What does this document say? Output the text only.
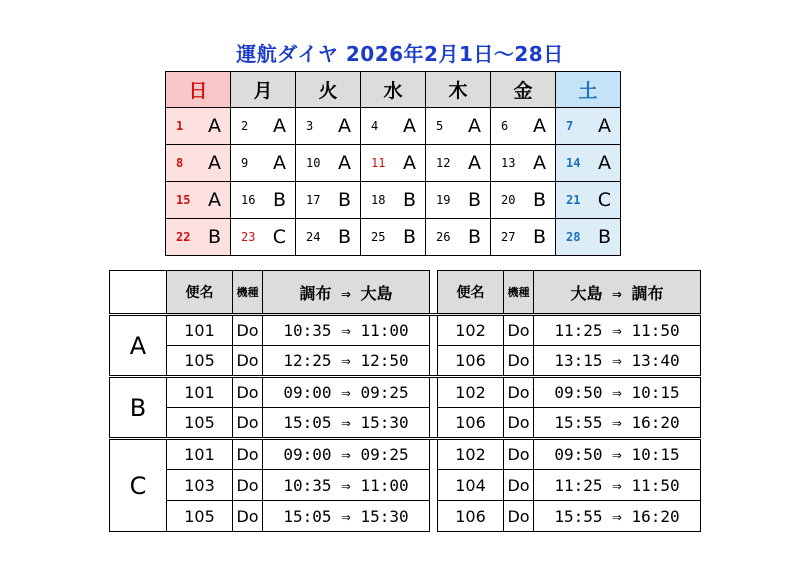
運航ダイヤ 2026年2月1日～28日
日	月	火	水	木	金	土

1 A	2 A	3 A	4 A	5 A	6 A	7 A

8 A	9 A	10 A	11 A	12 A	13 A	14 A

15 A	16 B	17 B	18 B	19 B	20 B	21 C

22 B	23 C	24 B	25 B	26 B	27 B	28 B
	便名	機種	調布 ⇒ 大島		便名	機種	大島 ⇒ 調布
A	101	Do	10:35 ⇒ 11:00		102	Do	11:25 ⇒ 11:50
	105	Do	12:25 ⇒ 12:50		106	Do	13:15 ⇒ 13:40
B	101	Do	09:00 ⇒ 09:25		102	Do	09:50 ⇒ 10:15
	105	Do	15:05 ⇒ 15:30		106	Do	15:55 ⇒ 16:20
C	101	Do	09:00 ⇒ 09:25		102	Do	09:50 ⇒ 10:15
	103	Do	10:35 ⇒ 11:00		104	Do	11:25 ⇒ 11:50
	105	Do	15:05 ⇒ 15:30		106	Do	15:55 ⇒ 16:20
